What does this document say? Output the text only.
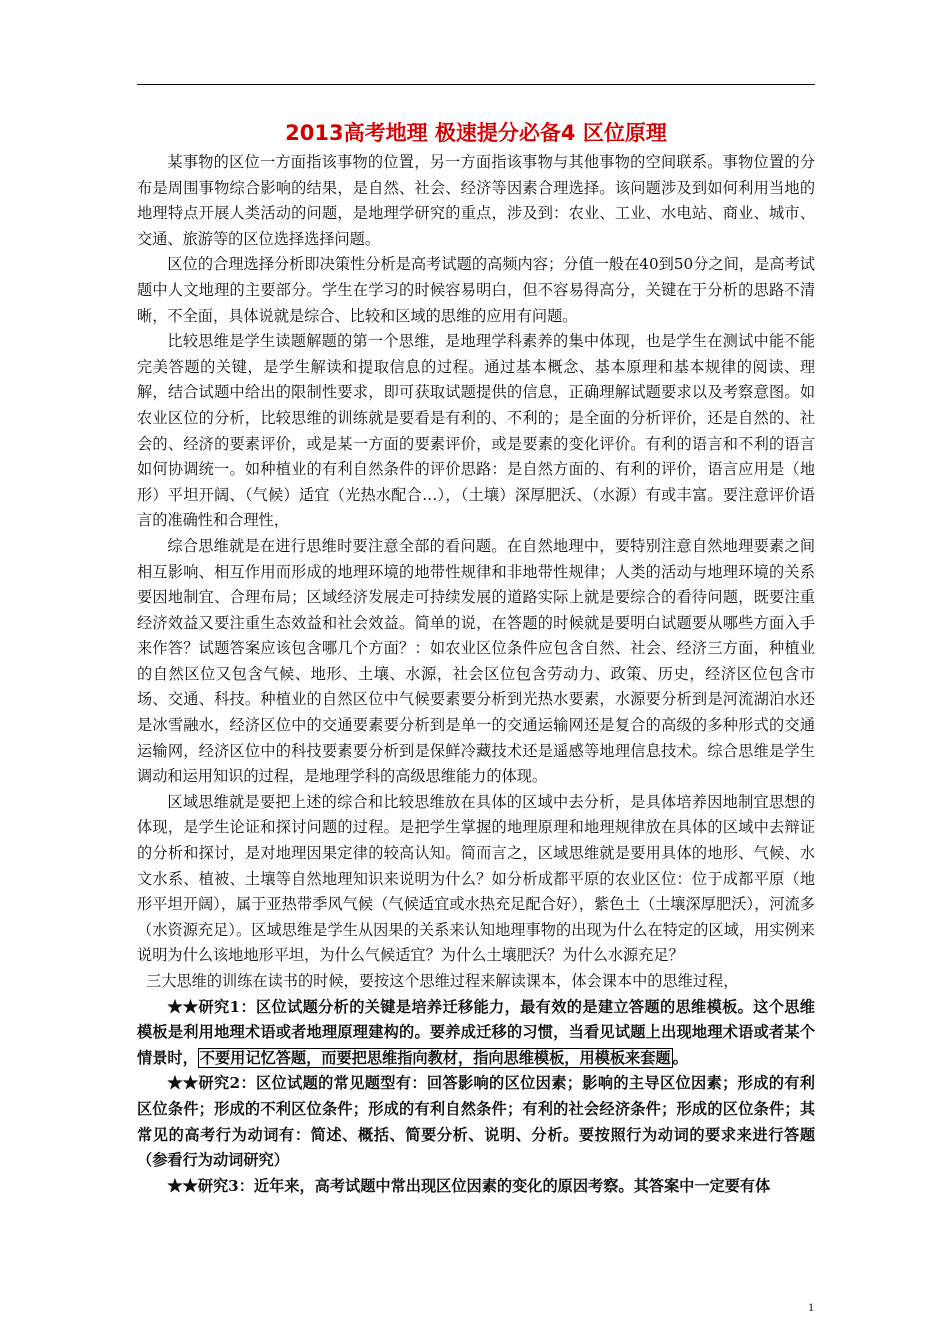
2013高考地理 极速提分必备4 区位原理

某事物的区位一方面指该事物的位置，另一方面指该事物与其他事物的空间联系。事物位置的分布是周围事物综合影响的结果，是自然、社会、经济等因素合理选择。该问题涉及到如何利用当地的地理特点开展人类活动的问题，是地理学研究的重点，涉及到：农业、工业、水电站、商业、城市、交通、旅游等的区位选择选择问题。

区位的合理选择分析即决策性分析是高考试题的高频内容；分值一般在40到50分之间，是高考试题中人文地理的主要部分。学生在学习的时候容易明白，但不容易得高分，关键在于分析的思路不清晰，不全面，具体说就是综合、比较和区域的思维的应用有问题。

比较思维是学生读题解题的第一个思维，是地理学科素养的集中体现，也是学生在测试中能不能完美答题的关键，是学生解读和提取信息的过程。通过基本概念、基本原理和基本规律的阅读、理解，结合试题中给出的限制性要求，即可获取试题提供的信息，正确理解试题要求以及考察意图。如农业区位的分析，比较思维的训练就是要看是有利的、不利的；是全面的分析评价，还是自然的、社会的、经济的要素评价，或是某一方面的要素评价，或是要素的变化评价。有利的语言和不利的语言如何协调统一。如种植业的有利自然条件的评价思路：是自然方面的、有利的评价，语言应用是（地形）平坦开阔、（气候）适宜（光热水配合…），（土壤）深厚肥沃、（水源）有或丰富。要注意评价语言的准确性和合理性，

综合思维就是在进行思维时要注意全部的看问题。在自然地理中，要特别注意自然地理要素之间相互影响、相互作用而形成的地理环境的地带性规律和非地带性规律；人类的活动与地理环境的关系要因地制宜、合理布局；区域经济发展走可持续发展的道路实际上就是要综合的看待问题，既要注重经济效益又要注重生态效益和社会效益。简单的说，在答题的时候就是要明白试题要从哪些方面入手来作答？试题答案应该包含哪几个方面？：如农业区位条件应包含自然、社会、经济三方面，种植业的自然区位又包含气候、地形、土壤、水源，社会区位包含劳动力、政策、历史，经济区位包含市场、交通、科技。种植业的自然区位中气候要素要分析到光热水要素，水源要分析到是河流湖泊水还是冰雪融水，经济区位中的交通要素要分析到是单一的交通运输网还是复合的高级的多种形式的交通运输网，经济区位中的科技要素要分析到是保鲜冷藏技术还是遥感等地理信息技术。综合思维是学生调动和运用知识的过程，是地理学科的高级思维能力的体现。

区域思维就是要把上述的综合和比较思维放在具体的区域中去分析，是具体培养因地制宜思想的体现，是学生论证和探讨问题的过程。是把学生掌握的地理原理和地理规律放在具体的区域中去辩证的分析和探讨，是对地理因果定律的较高认知。简而言之，区域思维就是要用具体的地形、气候、水文水系、植被、土壤等自然地理知识来说明为什么？如分析成都平原的农业区位：位于成都平原（地形平坦开阔），属于亚热带季风气候（气候适宜或水热充足配合好），紫色土（土壤深厚肥沃），河流多（水资源充足）。区域思维是学生从因果的关系来认知地理事物的出现为什么在特定的区域，用实例来说明为什么该地地形平坦，为什么气候适宜？为什么土壤肥沃？为什么水源充足？

三大思维的训练在读书的时候，要按这个思维过程来解读课本，体会课本中的思维过程，

★★研究1：区位试题分析的关键是培养迁移能力，最有效的是建立答题的思维模板。这个思维模板是利用地理术语或者地理原理建构的。要养成迁移的习惯，当看见试题上出现地理术语或者某个情景时， 不要用记忆答题，而要把思维指向教材，指向思维模板，用模板来套题 。

★★研究2：区位试题的常见题型有：回答影响的区位因素；影响的主导区位因素；形成的有利区位条件；形成的不利区位条件；形成的有利自然条件；有利的社会经济条件；形成的区位条件；其常见的高考行为动词有：简述、概括、简要分析、说明、分析。要按照行为动词的要求来进行答题（参看行为动词研究）

★★研究3：近年来，高考试题中常出现区位因素的变化的原因考察。其答案中一定要有体

1
